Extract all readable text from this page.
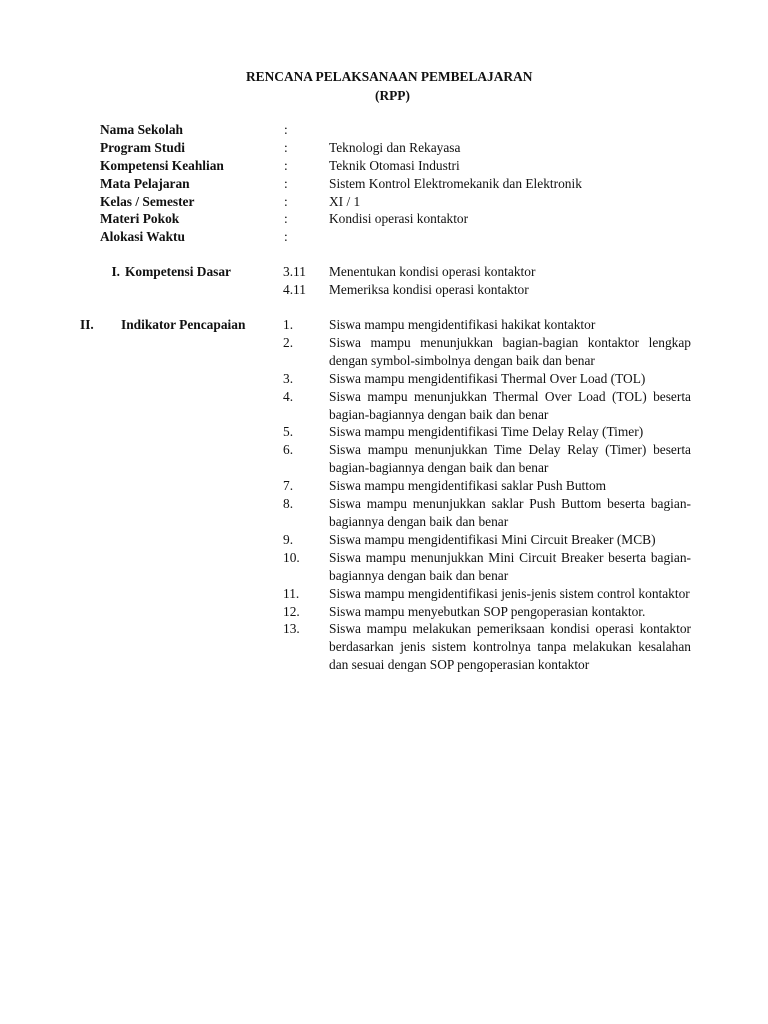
RENCANA PELAKSANAAN PEMBELAJARAN
(RPP)
Nama Sekolah	:
Program Studi	:	Teknologi dan Rekayasa
Kompetensi Keahlian	:	Teknik Otomasi Industri
Mata Pelajaran	:	Sistem Kontrol Elektromekanik dan Elektronik
Kelas / Semester	:	XI / 1
Materi Pokok	:	Kondisi operasi kontaktor
Alokasi Waktu	:
I. Kompetensi Dasar	3.11 Menentukan kondisi operasi kontaktor
4.11 Memeriksa kondisi operasi kontaktor
II. Indikator Pencapaian	1.	Siswa mampu mengidentifikasi hakikat kontaktor
2.	Siswa mampu menunjukkan bagian-bagian kontaktor lengkap dengan symbol-simbolnya dengan baik dan benar
3.	Siswa mampu mengidentifikasi Thermal Over Load (TOL)
4.	Siswa mampu menunjukkan Thermal Over Load (TOL) beserta bagian-bagiannya dengan baik dan benar
5.	Siswa mampu mengidentifikasi Time Delay Relay (Timer)
6.	Siswa mampu menunjukkan Time Delay Relay (Timer) beserta bagian-bagiannya dengan baik dan benar
7.	Siswa mampu mengidentifikasi saklar Push Buttom
8.	Siswa mampu menunjukkan saklar Push Buttom beserta bagian-bagiannya dengan baik dan benar
9.	Siswa mampu mengidentifikasi Mini Circuit Breaker (MCB)
10. Siswa mampu menunjukkan Mini Circuit Breaker beserta bagian-bagiannya dengan baik dan benar
11. Siswa mampu mengidentifikasi jenis-jenis sistem control kontaktor
12. Siswa mampu menyebutkan SOP pengoperasian kontaktor.
13. Siswa mampu melakukan pemeriksaan kondisi operasi kontaktor berdasarkan jenis sistem kontrolnya tanpa melakukan kesalahan dan sesuai dengan SOP pengoperasian kontaktor
